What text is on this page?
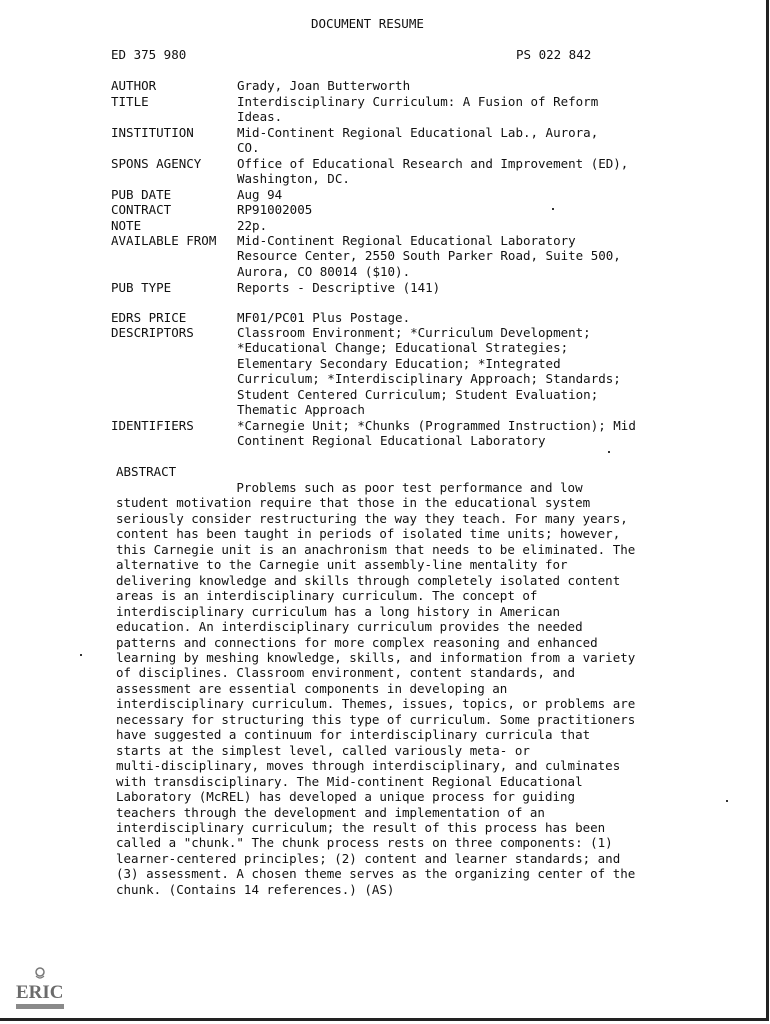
DOCUMENT RESUME
ED 375 980	PS 022 842
AUTHOR	Grady, Joan Butterworth
TITLE	Interdisciplinary Curriculum: A Fusion of Reform
Ideas.
INSTITUTION	Mid-Continent Regional Educational Lab., Aurora,
CO.
SPONS AGENCY	Office of Educational Research and Improvement (ED),
Washington, DC.
PUB DATE	Aug 94
CONTRACT	RP91002005
NOTE	22p.
AVAILABLE FROM Mid-Continent Regional Educational Laboratory
Resource Center, 2550 South Parker Road, Suite 500,
Aurora, CO 80014 ($10).
PUB TYPE	Reports - Descriptive (141)
EDRS PRICE	MF01/PC01 Plus Postage.
DESCRIPTORS	Classroom Environment; *Curriculum Development;
*Educational Change; Educational Strategies;
Elementary Secondary Education; *Integrated
Curriculum; *Interdisciplinary Approach; Standards;
Student Centered Curriculum; Student Evaluation;
Thematic Approach
IDENTIFIERS	*Carnegie Unit; *Chunks (Programmed Instruction); Mid
Continent Regional Educational Laboratory
ABSTRACT
Problems such as poor test performance and low
student motivation require that those in the educational system
seriously consider restructuring the way they teach. For many years,
content has been taught in periods of isolated time units; however,
this Carnegie unit is an anachronism that needs to be eliminated. The
alternative to the Carnegie unit assembly-line mentality for
delivering knowledge and skills through completely isolated content
areas is an interdisciplinary curriculum. The concept of
interdisciplinary curriculum has a long history in American
education. An interdisciplinary curriculum provides the needed
patterns and connections for more complex reasoning and enhanced
learning by meshing knowledge, skills, and information from a variety
of disciplines. Classroom environment, content standards, and
assessment are essential components in developing an
interdisciplinary curriculum. Themes, issues, topics, or problems are
necessary for structuring this type of curriculum. Some practitioners
have suggested a continuum for interdisciplinary curricula that
starts at the simplest level, called variously meta- or
multi-disciplinary, moves through interdisciplinary, and culminates
with transdisciplinary. The Mid-continent Regional Educational
Laboratory (McREL) has developed a unique process for guiding
teachers through the development and implementation of an
interdisciplinary curriculum; the result of this process has been
called a "chunk." The chunk process rests on three components: (1)
learner-centered principles; (2) content and learner standards; and
(3) assessment. A chosen theme serves as the organizing center of the
chunk. (Contains 14 references.) (AS)
ERIC
